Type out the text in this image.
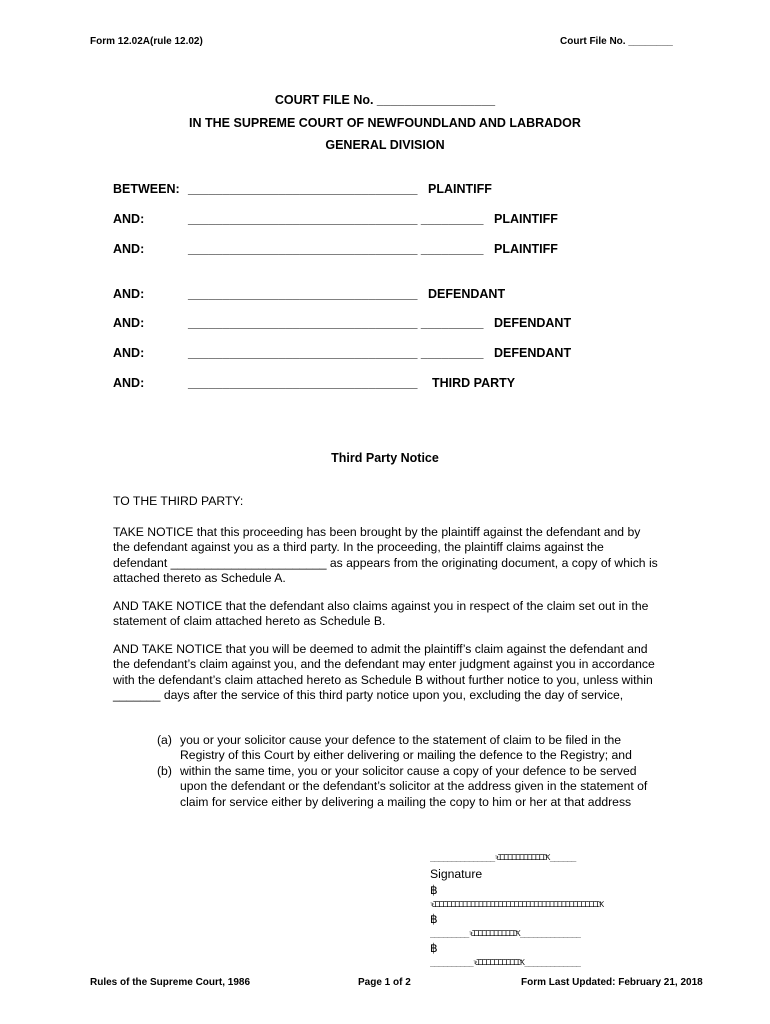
Form 12.02A(rule 12.02)	Court File No. ________
COURT FILE No. _________________
IN THE SUPREME COURT OF NEWFOUNDLAND AND LABRADOR
GENERAL DIVISION
BETWEEN: _________________________________ PLAINTIFF
AND:	_________________________________ _________ PLAINTIFF
AND:	_________________________________ _________ PLAINTIFF
AND:	_________________________________ DEFENDANT
AND:	_________________________________ _________ DEFENDANT
AND:	_________________________________ _________ DEFENDANT
AND:	_________________________________ THIRD PARTY
Third Party Notice
TO THE THIRD PARTY:
TAKE NOTICE that this proceeding has been brought by the plaintiff against the defendant and by the defendant against you as a third party. In the proceeding, the plaintiff claims against the defendant _______________________ as appears from the originating document, a copy of which is attached thereto as Schedule A.
AND TAKE NOTICE that the defendant also claims against you in respect of the claim set out in the statement of claim attached hereto as Schedule B.
AND TAKE NOTICE that you will be deemed to admit the plaintiff’s claim against the defendant and the defendant’s claim against you, and the defendant may enter judgment against you in accordance with the defendant’s claim attached hereto as Schedule B without further notice to you, unless within _______ days after the service of this third party notice upon you, excluding the day of service,
(a) you or your solicitor cause your defence to the statement of claim to be filed in the Registry of this Court by either delivering or mailing the defence to the Registry; and
(b) within the same time, you or your solicitor cause a copy of your defence to be served upon the defendant or the defendant’s solicitor at the address given in the statement of claim for service either by delivering a mailing the copy to him or her at that address
_______________ꝛꞮꞮꞮꞮꞮꞮꞮꞮꞮꞮꞮꞮꝀ______
Signature
฿
ꝛꞮꞮꞮꞮꞮꞮꞮꞮꞮꞮꞮꞮꞮꞮꞮꞮꞮꞮꞮꞮꞮꞮꞮꞮꞮꞮꞮꞮꞮꞮꞮꞮꞮꞮꞮꞮꞮꞮꞮꞮꞮꞮꝀ
฿
_________ꝛꞮꞮꞮꞮꞮꞮꞮꞮꞮꞮꞮꝀ______________
฿
__________ꝛꞮꞮꞮꞮꞮꞮꞮꞮꞮꞮꞮꝀ_____________
Rules of the Supreme Court, 1986	Page 1 of 2	Form Last Updated: February 21, 2018
